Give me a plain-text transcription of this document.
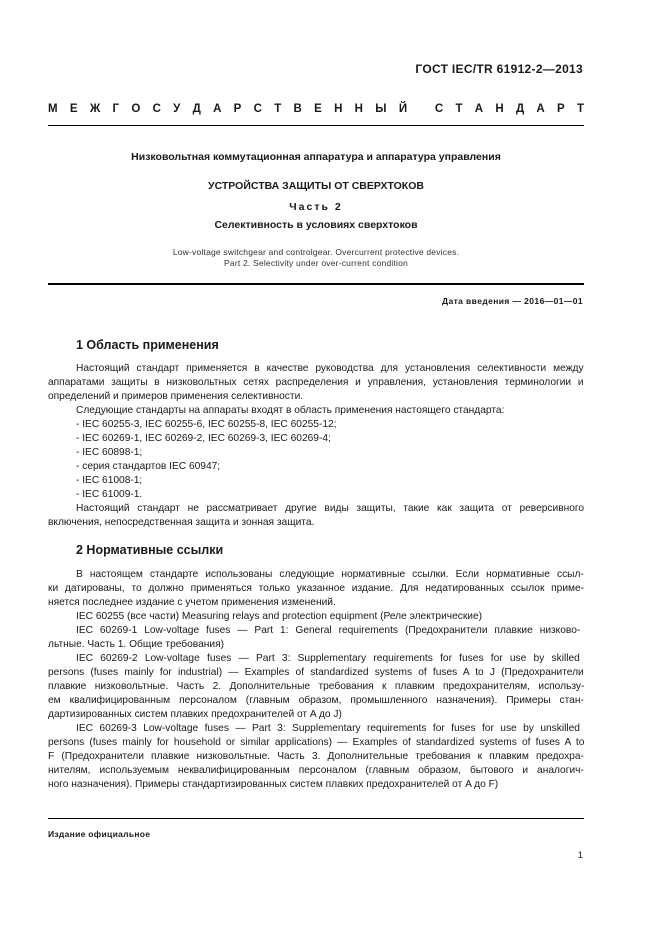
ГОСТ IEC/TR 61912-2—2013
М Е Ж Г О С У Д А Р С Т В Е Н Н Ы Й
С Т А Н Д А Р Т
Низковольтная коммутационная аппаратура и аппаратура управления
УСТРОЙСТВА ЗАЩИТЫ ОТ СВЕРХТОКОВ
Часть 2
Селективность в условиях сверхтоков
Low-voltage switchgear and controlgear. Overcurrent protective devices.
Part 2. Selectivity under over-current condition
Дата введения — 2016—01—01
1 Область применения
Настоящий стандарт применяется в качестве руководства для установления селективности между
аппаратами защиты в низковольтных сетях распределения и управления, установления терминологии и
определений и примеров применения селективности.
Следующие стандарты на аппараты входят в область применения настоящего стандарта:
- IEC 60255-3, IEC 60255-6, IEC 60255-8, IEC 60255-12;
- IEC 60269-1, IEC 60269-2, IEC 60269-3, IEC 60269-4;
- IEC 60898-1;
- серия стандартов IEC 60947;
- IEC 61008-1;
- IEC 61009-1.
Настоящий стандарт не рассматривает другие виды защиты, такие как защита от реверсивного
включения, непосредственная защита и зонная защита.
2 Нормативные ссылки
В настоящем стандарте использованы следующие нормативные ссылки. Если нормативные ссыл-
ки датированы, то должно применяться только указанное издание. Для недатированных ссылок приме-
няется последнее издание с учетом применения изменений.
IEC 60255 (все части) Measuring relays and protection equipment (Реле электрические)
IEC 60269-1 Low-voltage fuses — Part 1: General requirements (Предохранители плавкие низково-
льтные. Часть 1. Общие требования)
IEC 60269-2 Low-voltage fuses — Part 3: Supplementary requirements for fuses for use by skilled
persons (fuses mainly for industrial) — Examples of standardized systems of fuses A to J (Предохранители
плавкие низковольтные. Часть 2. Дополнительные требования к плавким предохранителям, использу-
ем квалифицированным персоналом (главным образом, промышленного назначения). Примеры стан-
дартизированных систем плавких предохранителей от A до J)
IEC 60269-3 Low-voltage fuses — Part 3: Supplementary requirements for fuses for use by unskilled
persons (fuses mainly for household or similar applications) — Examples of standardized systems of fuses A to
F (Предохранители плавкие низковольтные. Часть 3. Дополнительные требования к плавким предохра-
нителям, используемым неквалифицированным персоналом (главным образом, бытового и аналогич-
ного назначения). Примеры стандартизированных систем плавких предохранителей от A до F)
Издание официальное
1
